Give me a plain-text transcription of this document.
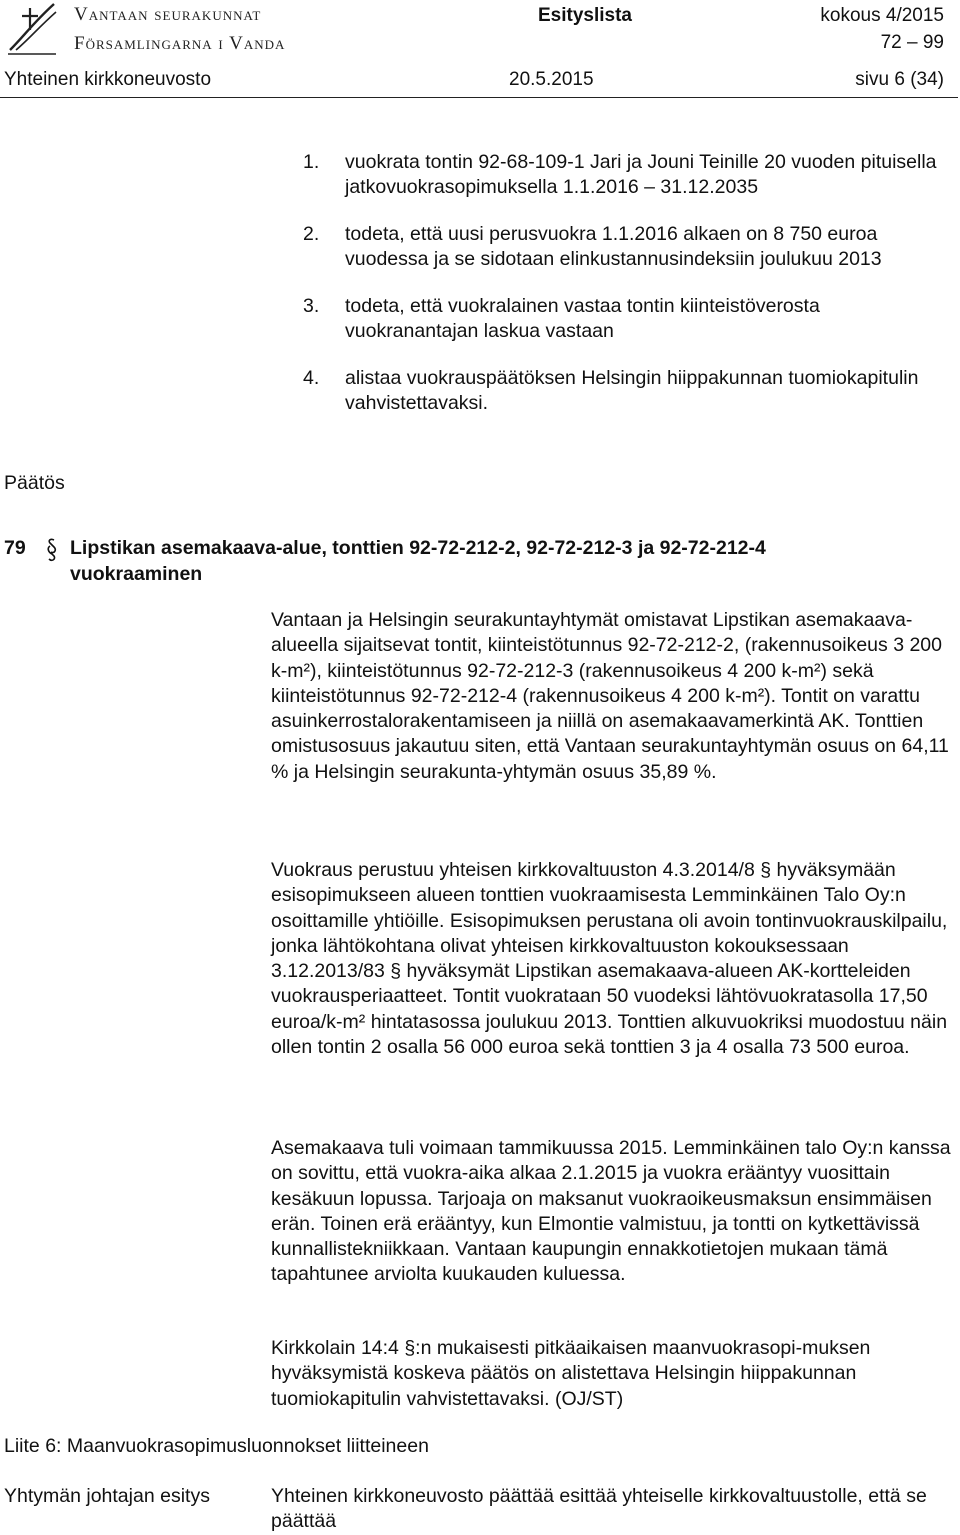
Vantaan seurakunnat
Församlingarna i Vanda
Esityslista	kokous 4/2015
72 – 99
Yhteinen kirkkoneuvosto	20.5.2015	sivu 6 (34)
1. vuokrata tontin 92-68-109-1 Jari ja Jouni Teinille 20 vuoden pituisella jatkovuokrasopimuksella 1.1.2016 – 31.12.2035
2. todeta, että uusi perusvuokra 1.1.2016 alkaen on 8 750 euroa vuodessa ja se sidotaan elinkustannusindeksiin joulukuu 2013
3. todeta, että vuokralainen vastaa tontin kiinteistöverosta vuokranantajan laskua vastaan
4. alistaa vuokrauspäätöksen Helsingin hiippakunnan tuomiokapitulin vahvistettavaksi.
Päätös
79 Lipstikan asemakaava-alue, tonttien 92-72-212-2, 92-72-212-3 ja 92-72-212-4 vuokraaminen

Vantaan ja Helsingin seurakuntayhtymät omistavat Lipstikan asemakaava-alueella sijaitsevat tontit, kiinteistötunnus 92-72-212-2, (rakennusoikeus 3 200 k-m²), kiinteistötunnus 92-72-212-3 (rakennusoikeus 4 200 k-m²) sekä kiinteistötunnus 92-72-212-4 (rakennusoikeus 4 200 k-m²). Tontit on varattu asuinkerrostalorakentamiseen ja niillä on asemakaavamerkintä AK. Tonttien omistusosuus jakautuu siten, että Vantaan seurakuntayhtymän osuus on 64,11 % ja Helsingin seurakunta-yhtymän osuus 35,89 %.

Vuokraus perustuu yhteisen kirkkovaltuuston 4.3.2014/8 § hyväksymään esisopimukseen alueen tonttien vuokraamisesta Lemminkäinen Talo Oy:n osoittamille yhtiöille. Esisopimuksen perustana oli avoin tontinvuokrauskilpailu, jonka lähtökohtana olivat yhteisen kirkkovaltuuston kokouksessaan 3.12.2013/83 § hyväksymät Lipstikan asemakaava-alueen AK-kortteleiden vuokrausperiaatteet. Tontit vuokrataan 50 vuodeksi lähtövuokratasolla 17,50 euroa/k-m² hintatasossa joulukuu 2013. Tonttien alkuvuokriksi muodostuu näin ollen tontin 2 osalla 56 000 euroa sekä tonttien 3 ja 4 osalla 73 500 euroa.

Asemakaava tuli voimaan tammikuussa 2015. Lemminkäinen talo Oy:n kanssa on sovittu, että vuokra-aika alkaa 2.1.2015 ja vuokra erääntyy vuosittain kesäkuun lopussa. Tarjoaja on maksanut vuokraoikeusmaksun ensimmäisen erän. Toinen erä erääntyy, kun Elmontie valmistuu, ja tontti on kytkettävissä kunnallistekniikkaan. Vantaan kaupungin ennakkotietojen mukaan tämä tapahtunee arviolta kuukauden kuluessa.

Kirkkolain 14:4 §:n mukaisesti pitkäaikaisen maanvuokrasopi-muksen hyväksymistä koskeva päätös on alistettava Helsingin hiippakunnan tuomiokapitulin vahvistettavaksi. (OJ/ST)

Liite 6: Maanvuokrasopimusluonnokset liitteineen
Yhtymän johtajan esitys	Yhteinen kirkkoneuvosto päättää esittää yhteiselle kirkkovaltuustolle, että se päättää
